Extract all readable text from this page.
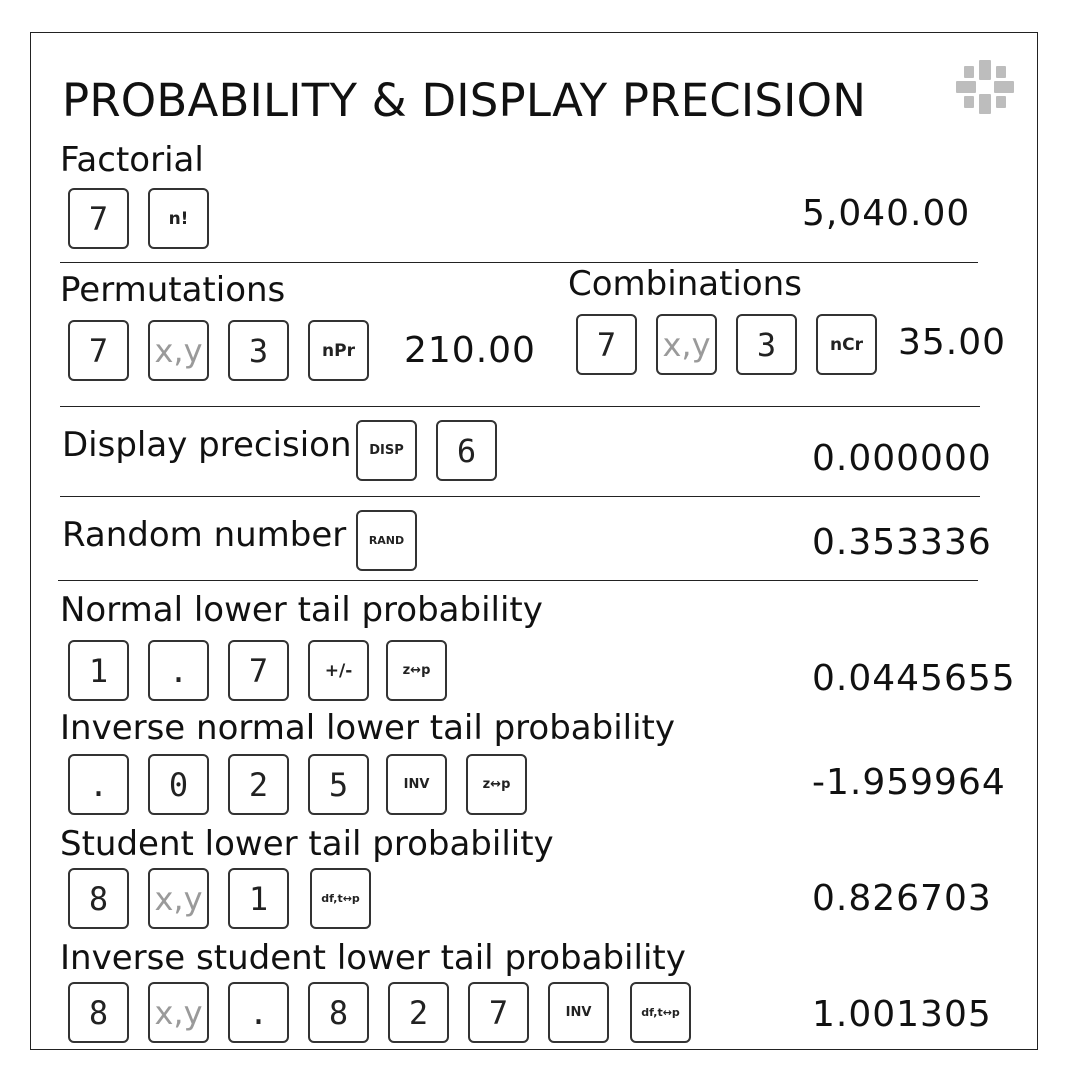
PROBABILITY & DISPLAY PRECISION
Factorial
7	n!	5,040.00
Permutations
7	x,y	3	nPr	210.00
Combinations
7	x,y	3	nCr 35.00
Display precision	DISP	6	0.000000
Random number	RAND	0.353336
Normal lower tail probability
1	.	7	+/-	z↔p	0.0445655
Inverse normal lower tail probability
.	0	2	5	INV	z↔p	-1.959964
Student lower tail probability
8	x,y	1	df,t↔p	0.826703
Inverse student lower tail probability
8	x,y	.	8	2	7	INV	df,t↔p	1.001305
